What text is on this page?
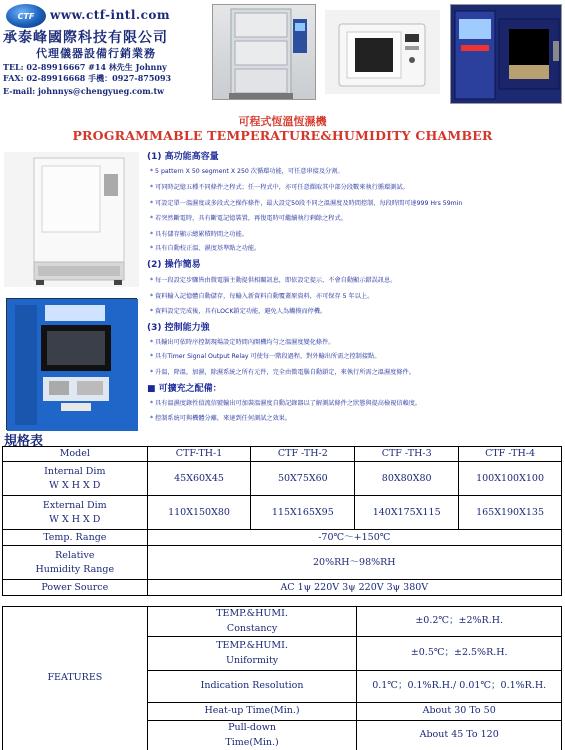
CTF www.ctf-intl.com
承泰峰國際科技有限公司
代理儀器設備行銷業務
TEL: 02-89916667 #14 林先生 Johnny
FAX: 02-89916668 手機：0927-875093
E-mail: johnnys@chengyueg.com.tw
可程式恆溫恆濕機
PROGRAMMABLE TEMPERATURE&HUMIDITY CHAMBER
(1) 高功能高容量
* 5 pattern X 50 segment X 250 次循環功能，可任意串接及分割。
* 可同時記憶五種不同條件之程式；任一程式中，亦可任意擷取其中部分段數來執行循環測試。
* 可設定單一溫濕度或多段式之操作條件，最大設定50段不同之溫濕度及時間控制，每段時間可達999 Hrs 59min
* 若突然斷電時，具有斷電記憶裝置，再復電時可繼續執行剩餘之程式。
* 具有儲存顯示總累積時間之功能。
* 具有自動校正溫、濕度基準點之功能。
(2) 操作簡易
* 每一段設定步驟皆由微電腦主動提供相關訊息，即依設定提示，不會自動顯示錯誤訊息。
* 資料輸入記憶體自動儲存，每輸入新資料自動覆蓋原資料，亦可保存 5 年以上。
* 資料設定完成後，具有LOCK鎖定功能，避免人為觸摸而停機。
(3) 控制能力強
* 具輸出可依時序控制現場設定時間內開機均勻之溫濕度變化條件。
* 具有Timer Signal Output Relay 可使每一階段過程，對外輸出所需之控制接點。
* 升溫，降溫，加濕，除濕系統之所有元件，完全由微電腦自動鎖定，來執行所需之溫濕度條件。
■ 可擴充之配備：
* 具有溫濕度錄性值流信號輸出可加裝溫濕度自動記錄器以了解測試條件之狀態與提高檢視信賴度。
* 控制系統可與機體分離，來達到任何測試之效果。
規格表
Model	CTF-TH-1	CTF -TH-2	CTF -TH-3	CTF -TH-4

Internal Dim
W X H X D	45X60X45	50X75X60	80X80X80	100X100X100

External Dim
W X H X D	110X150X80	115X165X95	140X175X115	165X190X135
Temp. Range	-70℃～+150℃			

Relative
Humidity Range	20%RH～98%RH			
Power Source	AC 1ψ 220V 3ψ 220V 3ψ 380V			
FEATURES	TEMP.&HUMI.
Constancy	±0.2℃；±2%R.H.

	TEMP.&HUMI.
Uniformity	±0.5℃；±2.5%R.H.
	Indication Resolution	0.1℃；0.1%R.H./ 0.01℃；0.1%R.H.
	Heat-up Time(Min.)	About 30 To 50

	Pull-down
Time(Min.)	About 45 To 120
